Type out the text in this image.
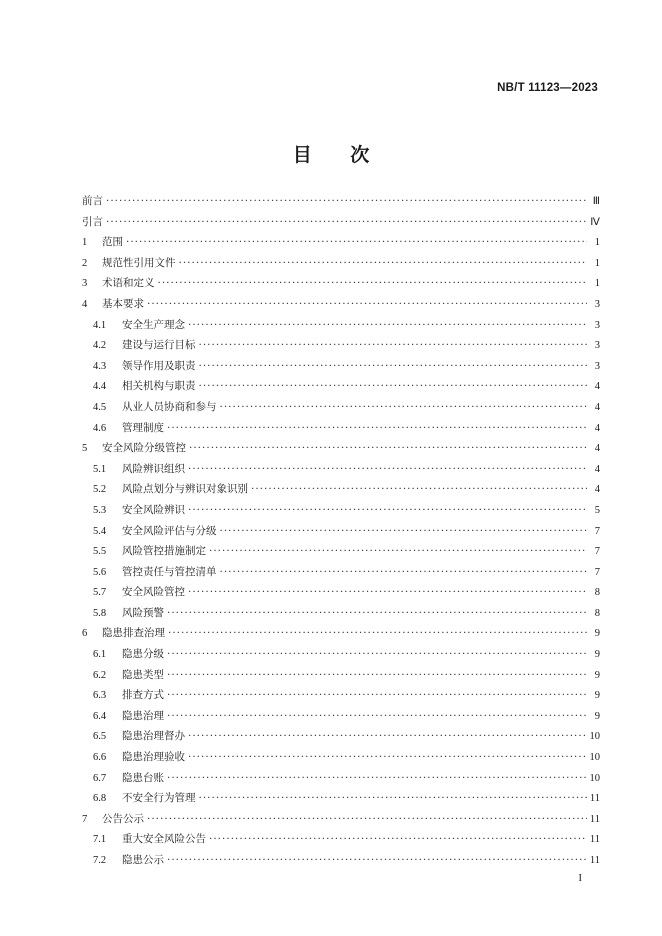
NB/T 11123—2023
目 次
前言 ·····	Ⅲ
引言 ·····	Ⅳ
1	范围 ·····	1
2	规范性引用文件 ·····	1
3	术语和定义 ·····	1
4	基本要求 ·····	3
4.1	安全生产理念 ·····	3
4.2	建设与运行目标 ·····	3
4.3	领导作用及职责 ·····	3
4.4	相关机构与职责 ·····	4
4.5	从业人员协商和参与 ·····	4
4.6	管理制度 ·····	4
5	安全风险分级管控 ·····	4
5.1	风险辨识组织 ·····	4
5.2	风险点划分与辨识对象识别 ·····	4
5.3	安全风险辨识 ·····	5
5.4	安全风险评估与分级 ·····	7
5.5	风险管控措施制定 ·····	7
5.6	管控责任与管控清单 ·····	7
5.7	安全风险管控 ·····	8
5.8	风险预警 ·····	8
6	隐患排查治理 ·····	9
6.1	隐患分级 ·····	9
6.2	隐患类型 ·····	9
6.3	排查方式 ·····	9
6.4	隐患治理 ·····	9
6.5	隐患治理督办 ·····	10
6.6	隐患治理验收 ·····	10
6.7	隐患台账 ·····	10
6.8	不安全行为管理 ·····	11
7	公告公示 ·····	11
7.1	重大安全风险公告 ·····	11
7.2	隐患公示 ·····	11
I
